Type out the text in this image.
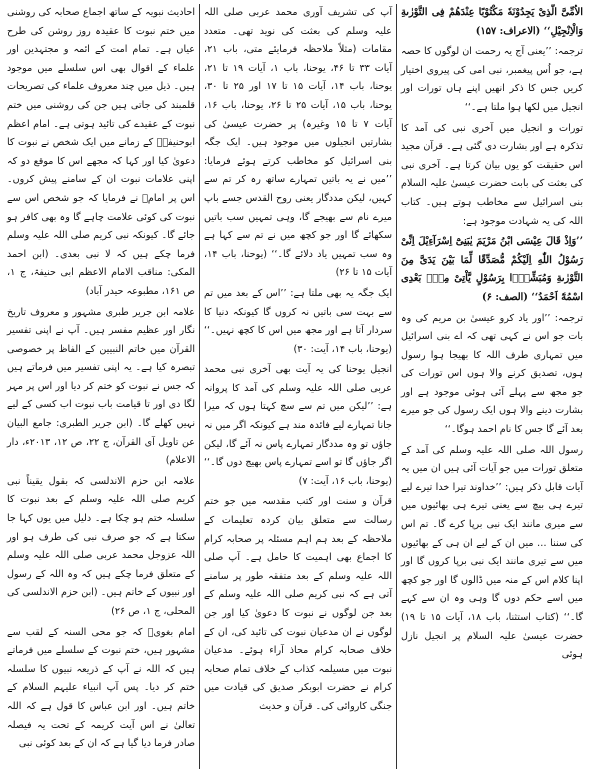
احادیث نبویہ کے ساتھ اجماع صحابہ کی روشنی میں ختم نبوت کا عقیدہ روز روشن کی طرح عیاں ہے۔ تمام امت کے ائمہ و مجتہدین اور علماء کے اقوال بھی اس سلسلے میں موجود ہیں۔ ذیل میں چند معروف علماء کی تصریحات قلمبند کی جاتی ہیں جن کی روشنی میں ختم نبوت کے عقیدے کی تائید ہوتی ہے۔ امام اعظم ابوحنیفہؒ کے زمانے میں ایک شخص نے نبوت کا دعویٰ کیا اور کہا کہ مجھے اس کا موقع دو کہ اپنی علامات نبوت ان کے سامنے پیش کروں۔ اس پر امامؒ نے فرمایا کہ جو شخص اس سے نبوت کی کوئی علامت چاہے گا وہ بھی کافر ہو جائے گا۔ کیونکہ نبی کریم صلی اللہ علیہ وسلم فرما چکے ہیں کہ لا نبی بعدی۔ (ابن احمد المکی: مناقب الامام الاعظم ابی حنیفۃ، ج ۱، ص ۱۶۱، مطبوعہ حیدر آباد)

علامہ ابن جریر طبری مشہور و معروف تاریخ نگار اور عظیم مفسر ہیں۔ آپ نے اپنی تفسیر القرآن میں خاتم النبیین کے الفاظ پر خصوصی تبصرہ کیا ہے۔ یہ اپنی تفسیر میں فرماتے ہیں کہ جس نے نبوت کو ختم کر دیا اور اس پر مہر لگا دی اور تا قیامت باب نبوت اب کسی کے لیے نہیں کھلے گا۔ (ابن جریر الطبری: جامع البیان عن تاویل آی القرآن، ج ۲۲، ص ۱۲، ۲۰۱۳ء، دار الاعلام)

علامہ ابن حزم الاندلسی کہ بقول یقیناً نبی کریم صلی اللہ علیہ وسلم کے بعد نبوت کا سلسلہ ختم ہو چکا ہے۔ دلیل میں یوں کہا جا سکتا ہے کہ جو صرف نبی کی طرف ہو اور اللہ عزوجل محمد عربی صلی اللہ علیہ وسلم کے متعلق فرما چکے ہیں کہ وہ اللہ کے رسول اور نبیوں کے خاتم ہیں۔ (ابن حزم الاندلسی کی المحلی، ج ۱، ص ۲۶)

امام بغویؒ کہ جو محی السنہ کے لقب سے مشہور ہیں، ختم نبوت کے سلسلے میں فرماتے ہیں کہ اللہ نے آپ کے ذریعہ نبیوں کا سلسلہ ختم کر دیا۔ پس آپ انبیاء علیہم السلام کے خاتم ہیں۔ اور ابن عباس کا قول ہے کہ اللہ تعالیٰ نے اس آیت کریمہ کے تحت یہ فیصلہ صادر فرما دیا گیا ہے کہ ان کے بعد کوئی نبی

آپ کی تشریف آوری محمد عربی صلی اللہ علیہ وسلم کی بعثت کی نوید تھی۔ متعدد مقامات (مثلاً ملاحظہ فرمایئے متی، باب ۲۱، آیات ۳۳ تا ۴۶، یوحنا، باب ۱، آیات ۱۹ تا ۲۱، یوحنا، باب ۱۴، آیات ۱۵ تا ۱۷ اور ۲۵ تا ۳۰، یوحنا، باب ۱۵، آیات ۲۵ تا ۲۶، یوحنا، باب ۱۶، آیات ۷ تا ۱۵ وغیرہ) پر حضرت عیسیٰ کی بشارتیں انجیلوں میں موجود ہیں۔ ایک جگہ بنی اسرائیل کو مخاطب کرتے ہوئے فرمایا: ’’میں نے یہ باتیں تمہارے ساتھ رہ کر تم سے کہیں، لیکن مددگار یعنی روح القدس جسے باپ میرے نام سے بھیجے گا، وہی تمہیں سب باتیں سکھائے گا اور جو کچھ میں نے تم سے کہا ہے وہ سب تمہیں یاد دلائے گا۔‘‘ (یوحنا، باب ۱۴، آیات ۱۵ تا ۲۶)

ایک جگہ یہ بھی ملتا ہے: ’’اس کے بعد میں تم سے بہت سی باتیں نہ کروں گا کیونکہ دنیا کا سردار آتا ہے اور مجھ میں اس کا کچھ نہیں۔‘‘ (یوحنا، باب ۱۴، آیت: ۳۰)

انجیل یوحنا کی یہ آیت بھی آخری نبی محمد عربی صلی اللہ علیہ وسلم کی آمد کا پروانہ ہے: ’’لیکن میں تم سے سچ کہتا ہوں کہ میرا جانا تمہارے لیے فائدہ مند ہے کیونکہ اگر میں نہ جاؤں تو وہ مددگار تمہارے پاس نہ آئے گا، لیکن اگر جاؤں گا تو اسے تمہارے پاس بھیج دوں گا۔‘‘ (یوحنا، باب ۱۶، آیت: ۷)

قرآن و سنت اور کتب مقدسہ میں جو ختم رسالت سے متعلق بیان کردہ تعلیمات کے ملاحظہ کے بعد ہم اہم مسئلہ پر صحابہ کرام کا اجماع بھی اہمیت کا حامل ہے۔ آپ صلی اللہ علیہ وسلم کے بعد متفقہ طور پر سامنے آتی ہے کہ نبی کریم صلی اللہ علیہ وسلم کے بعد جن لوگوں نے نبوت کا دعویٰ کیا اور جن لوگوں نے ان مدعیان نبوت کی تائید کی، ان کے خلاف صحابہ کرام محاذ آراء ہوئے۔ مدعیان نبوت میں مسیلمہ کذاب کے خلاف تمام صحابہ کرام نے حضرت ابوبکر صدیق کی قیادت میں جنگی کاروائی کی۔ قرآن و حدیث

الاُمِّیَّ الَّذِیْ یَجِدُوْنَهٗ مَكْتُوْبًا عِنْدَهُمْ فِی التَّوْرٰىةِ وَالْاِنْجِیْلِ‘‘ (الاعراف: ۱۵۷)

ترجمہ: ’’یعنی آج یہ رحمت ان لوگوں کا حصہ ہے، جو اُس پیغمبر، نبی امی کی پیروی اختیار کریں جس کا ذکر انھیں اپنے ہاں تورات اور انجیل میں لکھا ہوا ملتا ہے۔‘‘

تورات و انجیل میں آخری نبی کی آمد کا تذکرہ ہے اور بشارت دی گئی ہے۔ قرآن مجید اس حقیقت کو یوں بیان کرتا ہے۔ آخری نبی کی بعثت کی بابت حضرت عیسیٰ علیہ السلام بنی اسرائیل سے مخاطب ہوتے ہیں۔ کتاب اللہ کی یہ شہادت موجود ہے:

’’وَاِذْ قَالَ عِیْسَى ابْنُ مَرْیَمَ یٰبَنِیْٓ اِسْرَآءِیْلَ اِنِّیْ رَسُوْلُ اللّٰهِ اِلَیْكُمْ مُّصَدِّقًا لِّمَا بَیْنَ یَدَیَّ مِنَ التَّوْرٰىةِ وَمُبَشِّرًۢا بِرَسُوْلٍ یَّاْتِیْ مِنْۢ بَعْدِی اسْمُهٗٓ اَحْمَدُ‘‘ (الصف: ۶)

ترجمہ: ’’اور یاد کرو عیسیٰ بن مریم کی وہ بات جو اس نے کہی تھی کہ اے بنی اسرائیل میں تمہاری طرف اللہ کا بھیجا ہوا رسول ہوں، تصدیق کرنے والا ہوں اس تورات کی جو مجھ سے پہلے آئی ہوئی موجود ہے اور بشارت دینے والا ہوں ایک رسول کی جو میرے بعد آئے گا جس کا نام احمد ہوگا۔‘‘

رسول اللہ صلی اللہ علیہ وسلم کی آمد کے متعلق تورات میں جو آیات آئی ہیں ان میں یہ آیات قابل ذکر ہیں: ’’خداوند تیرا خدا تیرے لیے تیرے ہی بیچ سے یعنی تیرے ہی بھائیوں میں سے میری مانند ایک نبی برپا کرے گا۔ تم اس کی سننا … میں ان کے لیے ان ہی کے بھائیوں میں سے تیری مانند ایک نبی برپا کروں گا اور اپنا کلام اس کے منہ میں ڈالوں گا اور جو کچھ میں اسے حکم دوں گا وہی وہ ان سے کہے گا۔‘‘ (کتاب استثنا، باب ۱۸، آیات ۱۵ تا ۱۹) حضرت عیسیٰ علیہ السلام پر انجیل نازل ہوئی
